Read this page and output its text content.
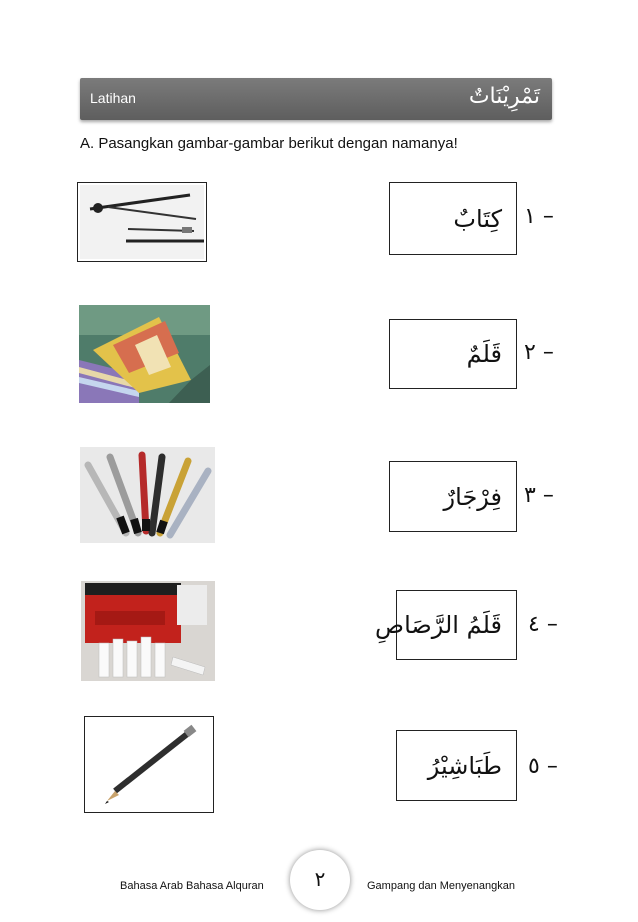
Latihan	تَمْرِيْنَاتٌ
A. Pasangkan gambar-gambar berikut dengan namanya!
كِتَابٌ ١ –
قَلَمٌ ٢ –
فِرْجَارٌ ٣ –
قَلَمُ الرَّصَاصِ ٤ –
طَبَاشِيْرُ ٥ –
Bahasa Arab Bahasa Alquran	٢	Gampang dan Menyenangkan
